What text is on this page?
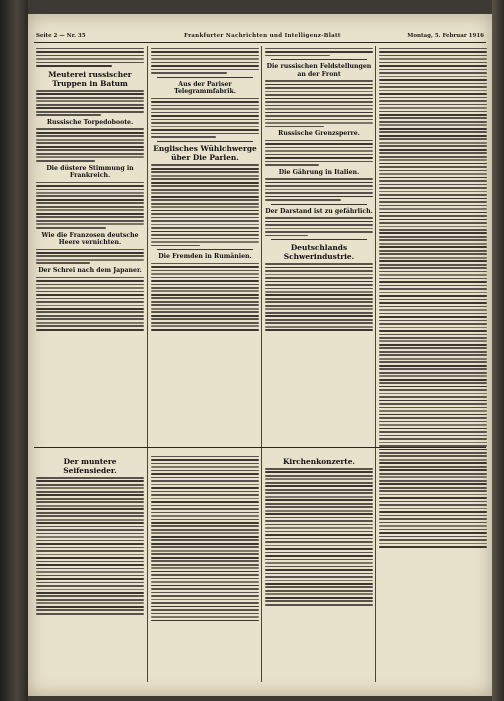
Seite 2 — Nr. 35	Frankfurter Nachrichten und Intelligenz-Blatt	Montag, 5. Februar 1916
Meuterei russischer Truppen in Batum
Russische Torpedoboote.
Die düstere Stimmung in Frankreich.
Wie die Franzosen deutsche Heere vernichten.
Der Schrei nach dem Japaner.
Aus der Pariser Telegrammfabrik.
Englisches Wühlchwerge über Die Parlen.
Die Fremden in Rumänien.
Die russischen Feldstellungen an der Front
Russische Grenzsperre.
Die Gährung in Italien.
Der Darstand ist zu gefährlich.
Deutschlands Schwerindustrie.
Der muntere Seifensieder.
Kirchenkonzerte.
